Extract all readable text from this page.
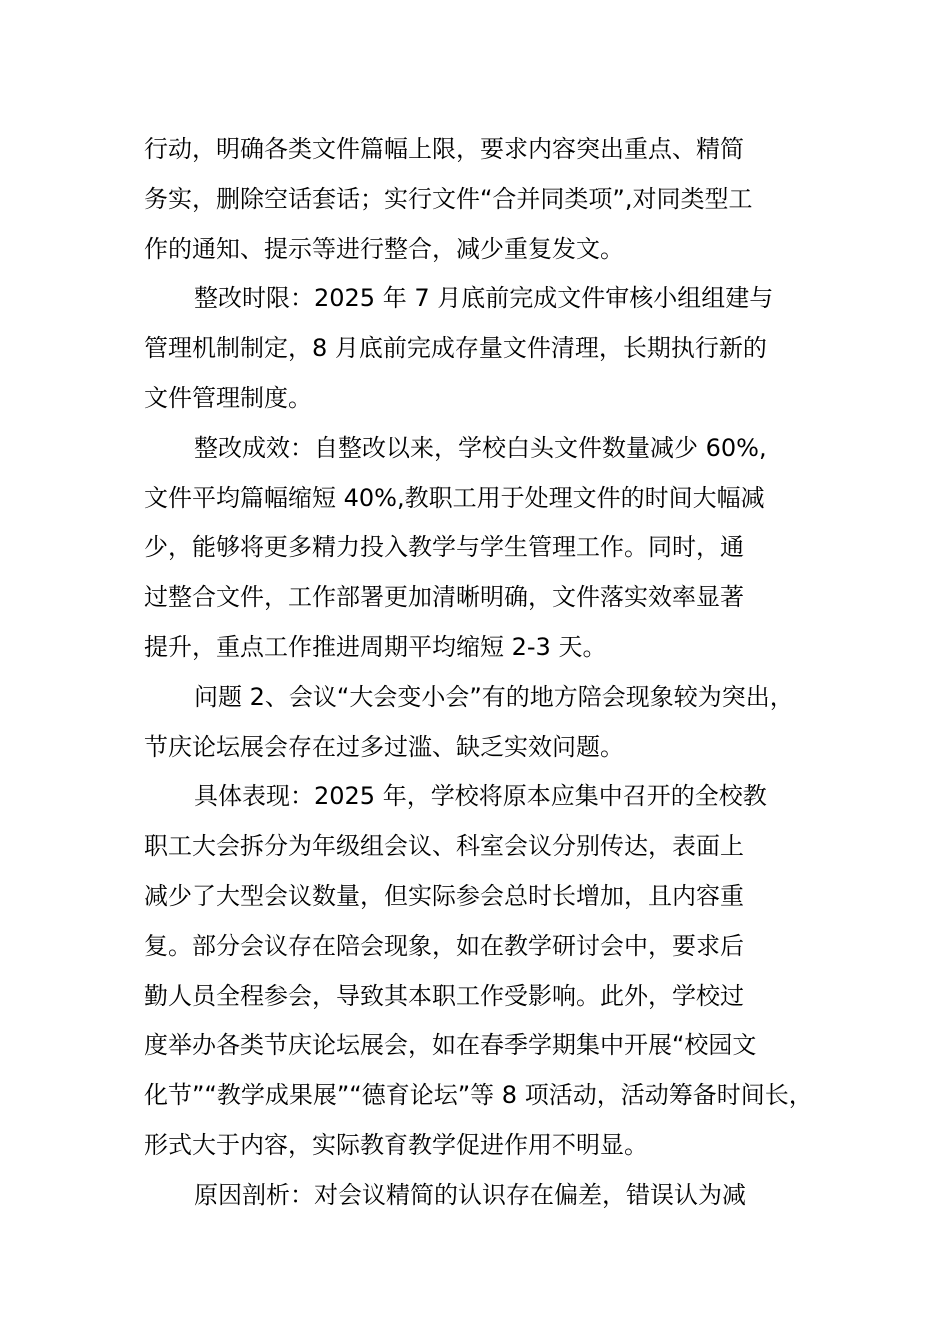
行动，明确各类文件篇幅上限，要求内容突出重点、精简
务实，删除空话套话；实行文件“合并同类项”,对同类型工
作的通知、提示等进行整合，减少重复发文。
整改时限：2025 年 7 月底前完成文件审核小组组建与
管理机制制定，8 月底前完成存量文件清理，长期执行新的
文件管理制度。
整改成效：自整改以来，学校白头文件数量减少 60%,
文件平均篇幅缩短 40%,教职工用于处理文件的时间大幅减
少，能够将更多精力投入教学与学生管理工作。同时，通
过整合文件，工作部署更加清晰明确，文件落实效率显著
提升，重点工作推进周期平均缩短 2-3 天。
问题 2、会议“大会变小会”有的地方陪会现象较为突出，
节庆论坛展会存在过多过滥、缺乏实效问题。
具体表现：2025 年，学校将原本应集中召开的全校教
职工大会拆分为年级组会议、科室会议分别传达，表面上
减少了大型会议数量，但实际参会总时长增加，且内容重
复。部分会议存在陪会现象，如在教学研讨会中，要求后
勤人员全程参会，导致其本职工作受影响。此外，学校过
度举办各类节庆论坛展会，如在春季学期集中开展“校园文
化节”“教学成果展”“德育论坛”等 8 项活动，活动筹备时间长，
形式大于内容，实际教育教学促进作用不明显。
原因剖析：对会议精简的认识存在偏差，错误认为减
